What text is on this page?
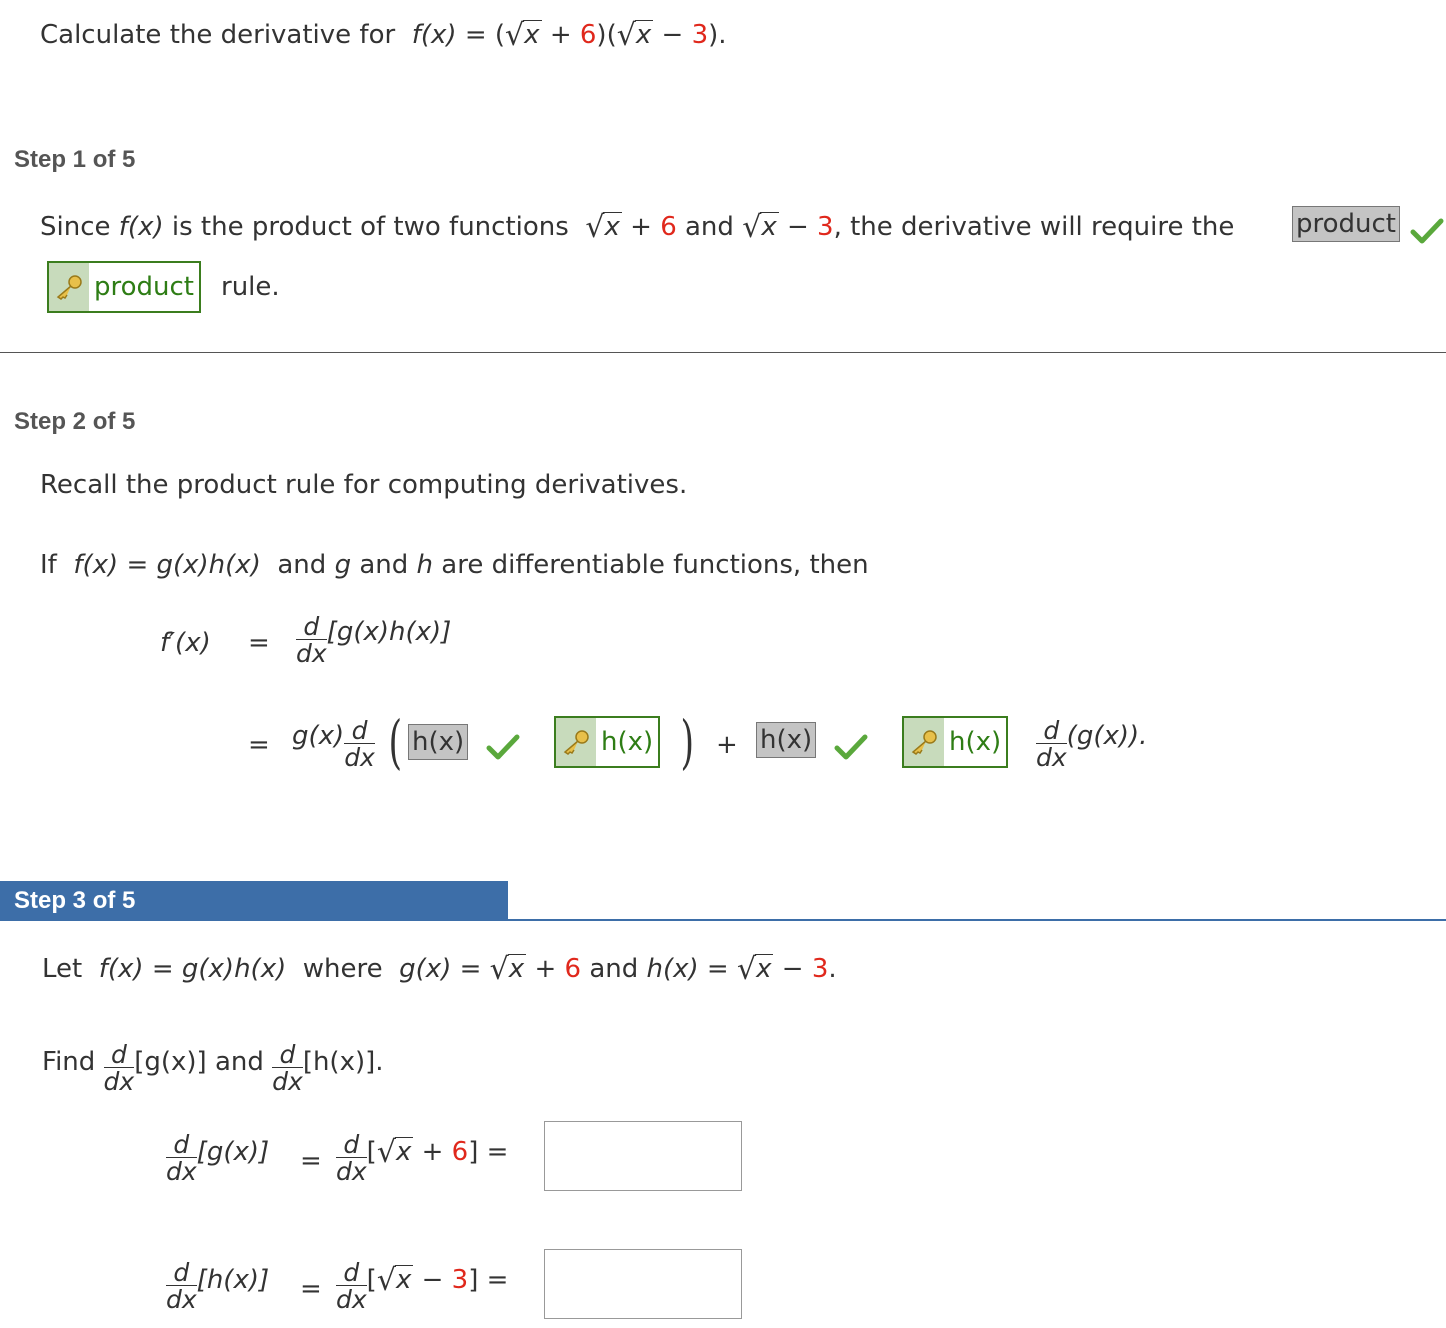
Calculate the derivative for f(x) = (√x + 6)(√x − 3).
Step 1 of 5
Since f(x) is the product of two functions √x + 6 and √x − 3, the derivative will require the product
product rule.
Step 2 of 5
Recall the product rule for computing derivatives.
If f(x) = g(x)h(x) and g and h are differentiable functions, then
$f'(x) = \frac{d}{dx} [g(x)h(x)]$
= $g(x) \frac{d}{dx}$ ( h(x)	h(x) ) + h(x)	$h(x) \frac{d}{dx} (g(x))$.
Step 3 of 5
Let f(x) = g(x)h(x) where g(x) = √x + 6 and h(x) = √x − 3.
Find $\frac{d}{dx} [g(x)]$ and $\frac{d}{dx} [h(x)]$.
$\frac{d}{dx} [g(x)] = \frac{d}{dx} [√x + 6]$ =
$\frac{d}{dx} [h(x)] = \frac{d}{dx} [√x - 3]$ =
